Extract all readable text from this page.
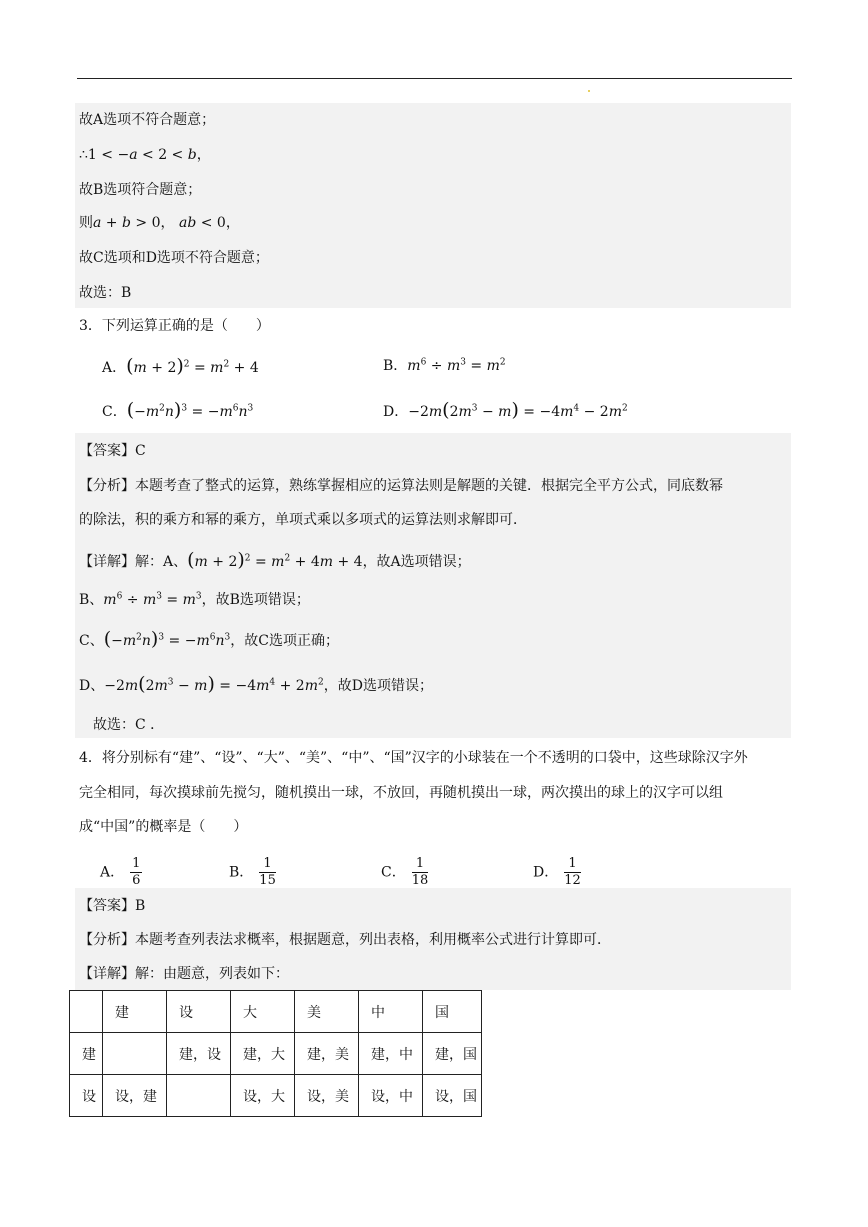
故A选项不符合题意；
∴1 < −a < 2 < b，
故B选项符合题意；
则a + b > 0， ab < 0，
故C选项和D选项不符合题意；
故选：B
3．下列运算正确的是（　　）
A．$(m + 2)^2 = m^2 + 4$	B．$m^6 \div m^3 = m^2$
C．$(-m^2n)^3 = -m^6n^3$	D．$-2m(2m^3 - m) = -4m^4 - 2m^2$
【答案】C
【分析】本题考查了整式的运算，熟练掌握相应的运算法则是解题的关键．根据完全平方公式，同底数幂
的除法，积的乘方和幂的乘方，单项式乘以多项式的运算法则求解即可．
【详解】解：A、$(m + 2)^2 = m^2 + 4m + 4$，故A选项错误；
B、$m^6 \div m^3 = m^3$，故B选项错误；
C、$(-m^2n)^3 = -m^6n^3$，故C选项正确；
D、$-2m(2m^3 - m) = -4m^4 + 2m^2$，故D选项错误；
故选：C ．
4．将分别标有“建”、“设”、“大”、“美”、“中”、“国”汉字的小球装在一个不透明的口袋中，这些球除汉字外
完全相同，每次摸球前先搅匀，随机摸出一球，不放回，再随机摸出一球，两次摸出的球上的汉字可以组
成“中国”的概率是（　　）
A． $\frac{1}{6}$	B． $\frac{1}{15}$	C． $\frac{1}{18}$	D． $\frac{1}{12}$
【答案】B
【分析】本题考查列表法求概率，根据题意，列出表格，利用概率公式进行计算即可．
【详解】解：由题意，列表如下：
	建	设	大	美	中	国
建		建，设	建，大	建，美	建，中	建，国
设	设，建		设，大	设，美	设，中	设，国
